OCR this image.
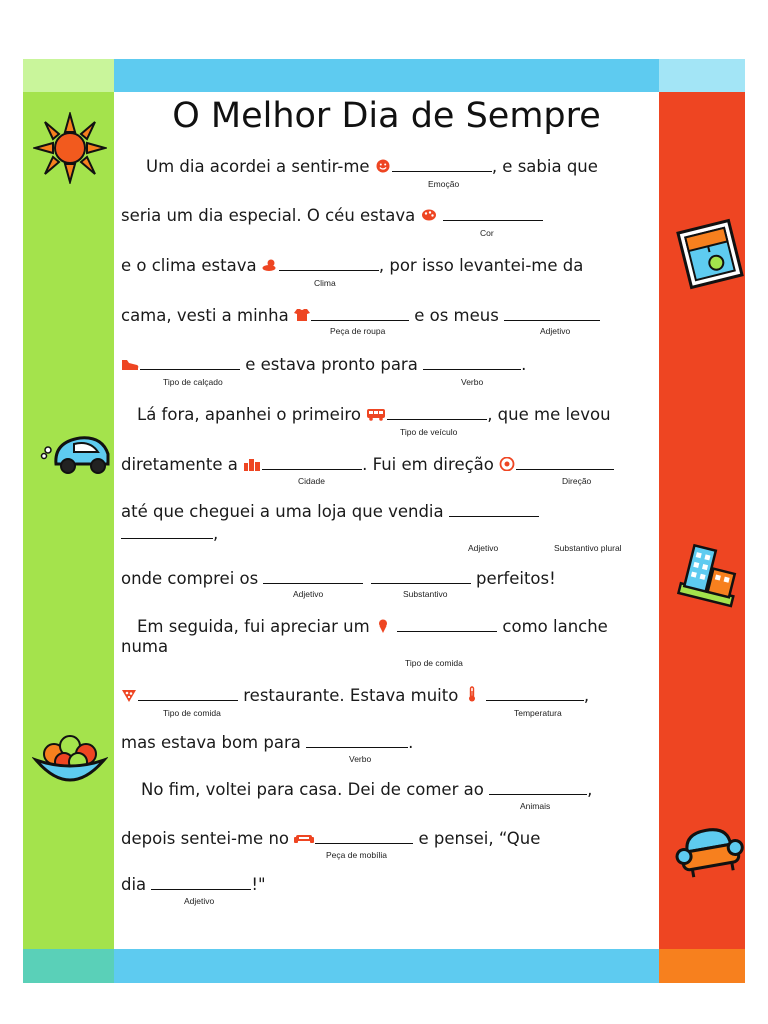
O Melhor Dia de Sempre
Um dia acordei a sentir-me	, e sabia que
Emoção
seria um dia especial. O céu estava
Cor
e o clima estava	, por isso levantei-me da
Clima
cama, vesti a minha	e os meus
Peça de roupa	Adjetivo
e estava pronto para	.
Tipo de calçado	Verbo
Lá fora, apanhei o primeiro	, que me levou
Tipo de veículo
diretamente a	. Fui em direção
Cidade	Direção
até que cheguei a uma loja que vendia
,
Adjetivo	Substantivo plural
onde comprei os	perfeitos!
Adjetivo	Substantivo
Em seguida, fui apreciar um	como lanche
numa
Tipo de comida
restaurante. Estava muito	,
Tipo de comida	Temperatura
mas estava bom para	.
Verbo
No fim, voltei para casa. Dei de comer ao	,
Animais
depois sentei-me no	e pensei, “Que
Peça de mobília
dia	!"
Adjetivo
